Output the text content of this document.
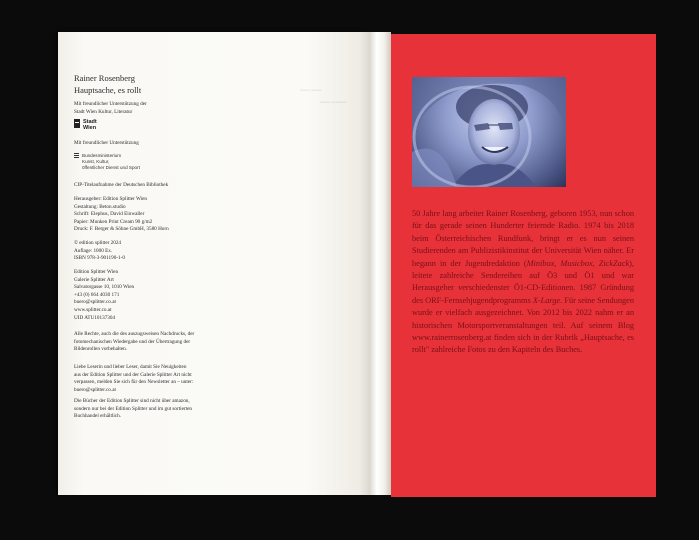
▬▬ ▬▬
▬▬ ▬▬▬
Rainer Rosenberg
Hauptsache, es rollt
Mit freundlicher Unterstützung der
Stadt Wien Kultur, Literatur
Stadt
Wien
Mit freundlicher Unterstützung
Bundesministerium
Kunst, Kultur,
öffentlicher Dienst und Sport
CIP-Titelaufnahme der Deutschen Bibliothek
Herausgeber: Edition Splitter Wien
Gestaltung: Beton.studio
Schrift: Elephus, David Einwaller
Papier: Munken Print Cream 90 g/m2
Druck: F. Berger & Söhne GmbH, 3580 Horn
© edition splitter 2024
Auflage: 1000 Ex.
ISBN 978-3-901190-1-0
Edition Splitter Wien
Galerie Splitter Art
Salvatorgasse 10, 1010 Wien
+43 (0) 664 4030 171
buero@splitter.co.at
www.splitter.co.at
UID ATU10137304
Alle Rechte, auch die des auszugsweisen Nachdrucks, der
fotomechanischen Wiedergabe und der Übertragung der
Bildenrollen vorbehalten.
Liebe Leserin und lieber Leser, damit Sie Neuigkeiten
aus der Edition Splitter und der Galerie Splitter Art nicht
verpassen, melden Sie sich für den Newsletter an – unter:
buero@splitter.co.at
Die Bücher der Edition Splitter sind nicht über amazon,
sondern nur bei der Edition Splitter und im gut sortierten
Buchhandel erhältlich.
50 Jahre lang arbeitet Rainer Rosenberg, geboren 1953, nun schon für das gerade seinen Hunderter feiernde Radio. 1974 bis 2018 beim Österreichischen Rundfunk, bringt er es nun seinen Studierenden am Publizistikinstitut der Universität Wien näher. Er begann in der Jugendredaktion (Minibox, Musicbox, ZickZack), leitete zahlreiche Sendereihen auf Ö3 und Ö1 und war Herausgeber verschiedenster Ö1-CD-Editionen. 1987 Gründung des ORF-Fernsehjugendprogramms X-Large. Für seine Sendungen wurde er vielfach ausgezeichnet. Von 2012 bis 2022 nahm er an historischen Motorsportveranstaltungen teil. Auf seinem Blog www.rainerrosenberg.at finden sich in der Rubrik „Hauptsache, es rollt" zahlreiche Fotos zu den Kapiteln des Buches.
